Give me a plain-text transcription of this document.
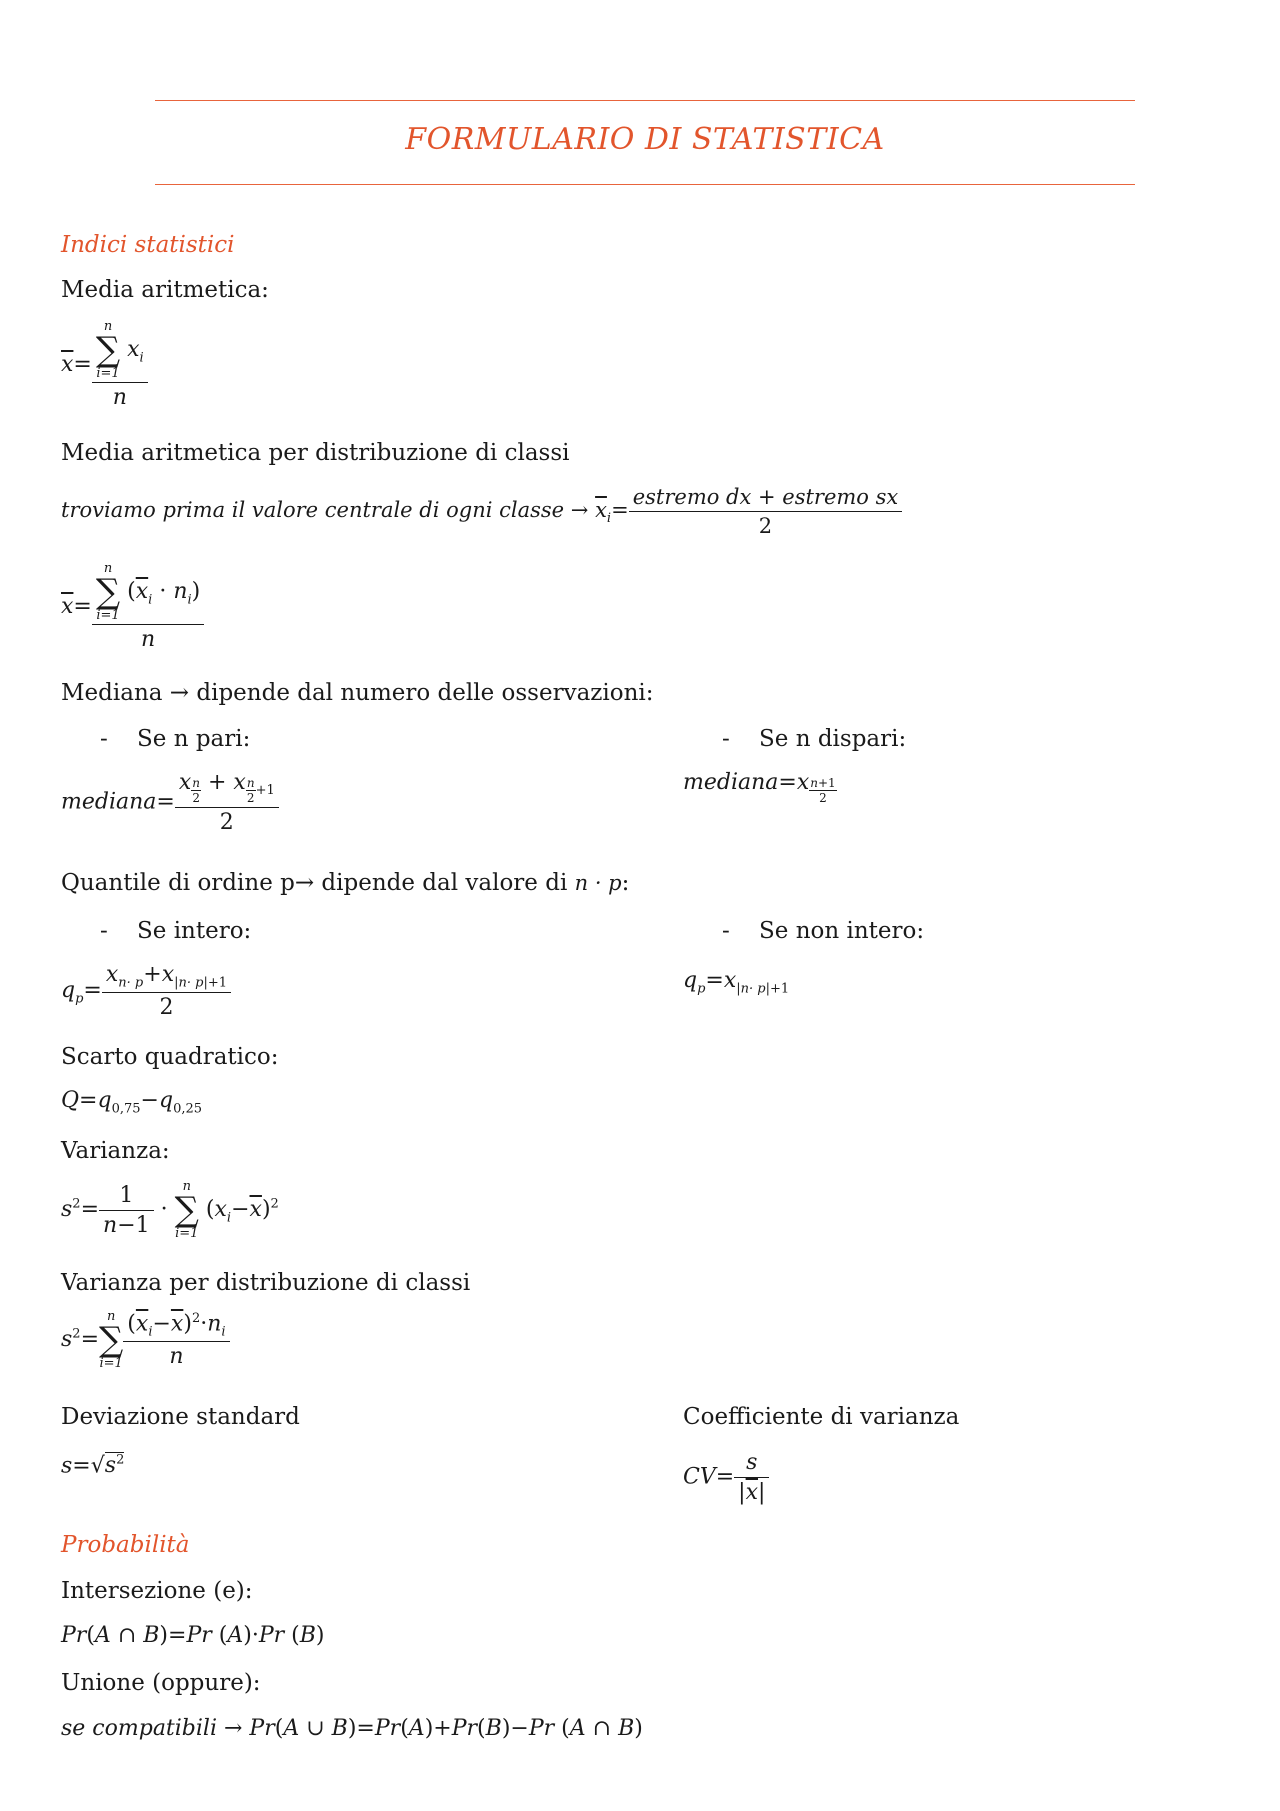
FORMULARIO DI STATISTICA
Indici statistici
Media aritmetica:
$\overline{x}= n$
∑
i=1
$x_i$
n
Media aritmetica per distribuzione di classi
troviamo prima il valore centrale di ogni classe → $\overline{x}_i= \frac{\text{estremo dx + estremo sx}}{2}$
$\overline{x}= n$
∑
i=1
$(\overline{x}_i \cdot n_i)$
n
Mediana → dipende dal numero delle osservazioni:
-    Se n pari:	-    Se n dispari:
mediana= x $_{\frac{n}{2}}$ + x $_{\frac{n}{2} +1}$
2	mediana=x $_{\frac{n+1}{2}}$
Quantile di ordine p→ dipende dal valore di n · p:
-    Se intero:	-    Se non intero:
$q_p= \frac{x_{n\cdot p}+x_{|n\cdot p|+1}}{2}$	$q_p=x_{|n\cdot p|+1}$
Scarto quadratico:
$Q=q_{0,75}-q_{0,25}$
Varianza:
$s^2= \frac{1}{n-1}$ ·
n
∑
i=1
$(x_i-\overline{x})^2$
Varianza per distribuzione di classi
$s^2=$
n
∑
$i=1 \frac{(\overline{x}_i-\overline{x})^2\cdot n_i}{n}$
Deviazione standard	Coefficiente di varianza
$s=√s^2$
$CV= \frac{s}{|\overline{x}|}$
Probabilità
Intersezione (e):
Pr(A ∩ B)=Pr (A)·Pr (B)
Unione (oppure):
se compatibili → Pr(A ∪ B)=Pr(A)+Pr(B)−Pr (A ∩ B)
